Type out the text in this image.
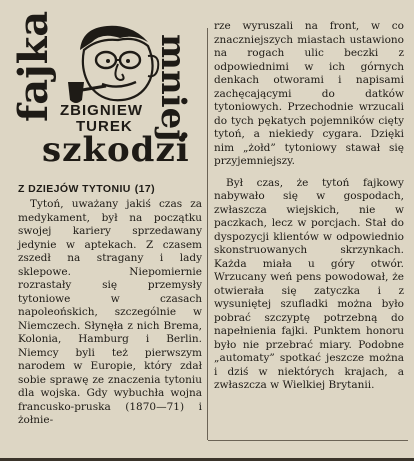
fajka	mniej
ZBIGNIEW
TUREK
szkodzi
Z DZIEJÓW TYTONIU (17)

Tytoń, uważany jakiś czas za medykament, był na początku swojej kariery sprzedawany jedynie w aptekach. Z czasem zszedł na stragany i lady sklepowe. Niepomiernie rozrastały się przemysły tytoniowe w czasach napoleońskich, szczególnie w Niemczech. Słynęła z nich Brema, Kolonia, Hamburg i Berlin. Niemcy byli też pierwszym narodem w Europie, który zdał sobie sprawę ze znaczenia tytoniu dla wojska. Gdy wybuchła wojna francusko-pruska (1870—71) i żołnie-

rze wyruszali na front, w co znaczniejszych miastach ustawiono na rogach ulic beczki z odpowiednimi w ich górnych denkach otworami i napisami zachęcającymi do datków tytoniowych. Przechodnie wrzucali do tych pękatych pojemników cięty tytoń, a niekiedy cygara. Dzięki nim „żołd” tytoniowy stawał się przyjemniejszy.

Był czas, że tytoń fajkowy nabywało się w gospodach, zwłaszcza wiejskich, nie w paczkach, lecz w porcjach. Stał do dyspozycji klientów w odpowiednio skonstruowanych skrzynkach. Każda miała u góry otwór. Wrzucany weń pens powodował, że otwierała się zatyczka i z wysuniętej szufladki można było pobrać szczyptę potrzebną do napełnienia fajki. Punktem honoru było nie przebrać miary. Podobne „automaty” spotkać jeszcze można i dziś w niektórych krajach, a zwłaszcza w Wielkiej Brytanii.
